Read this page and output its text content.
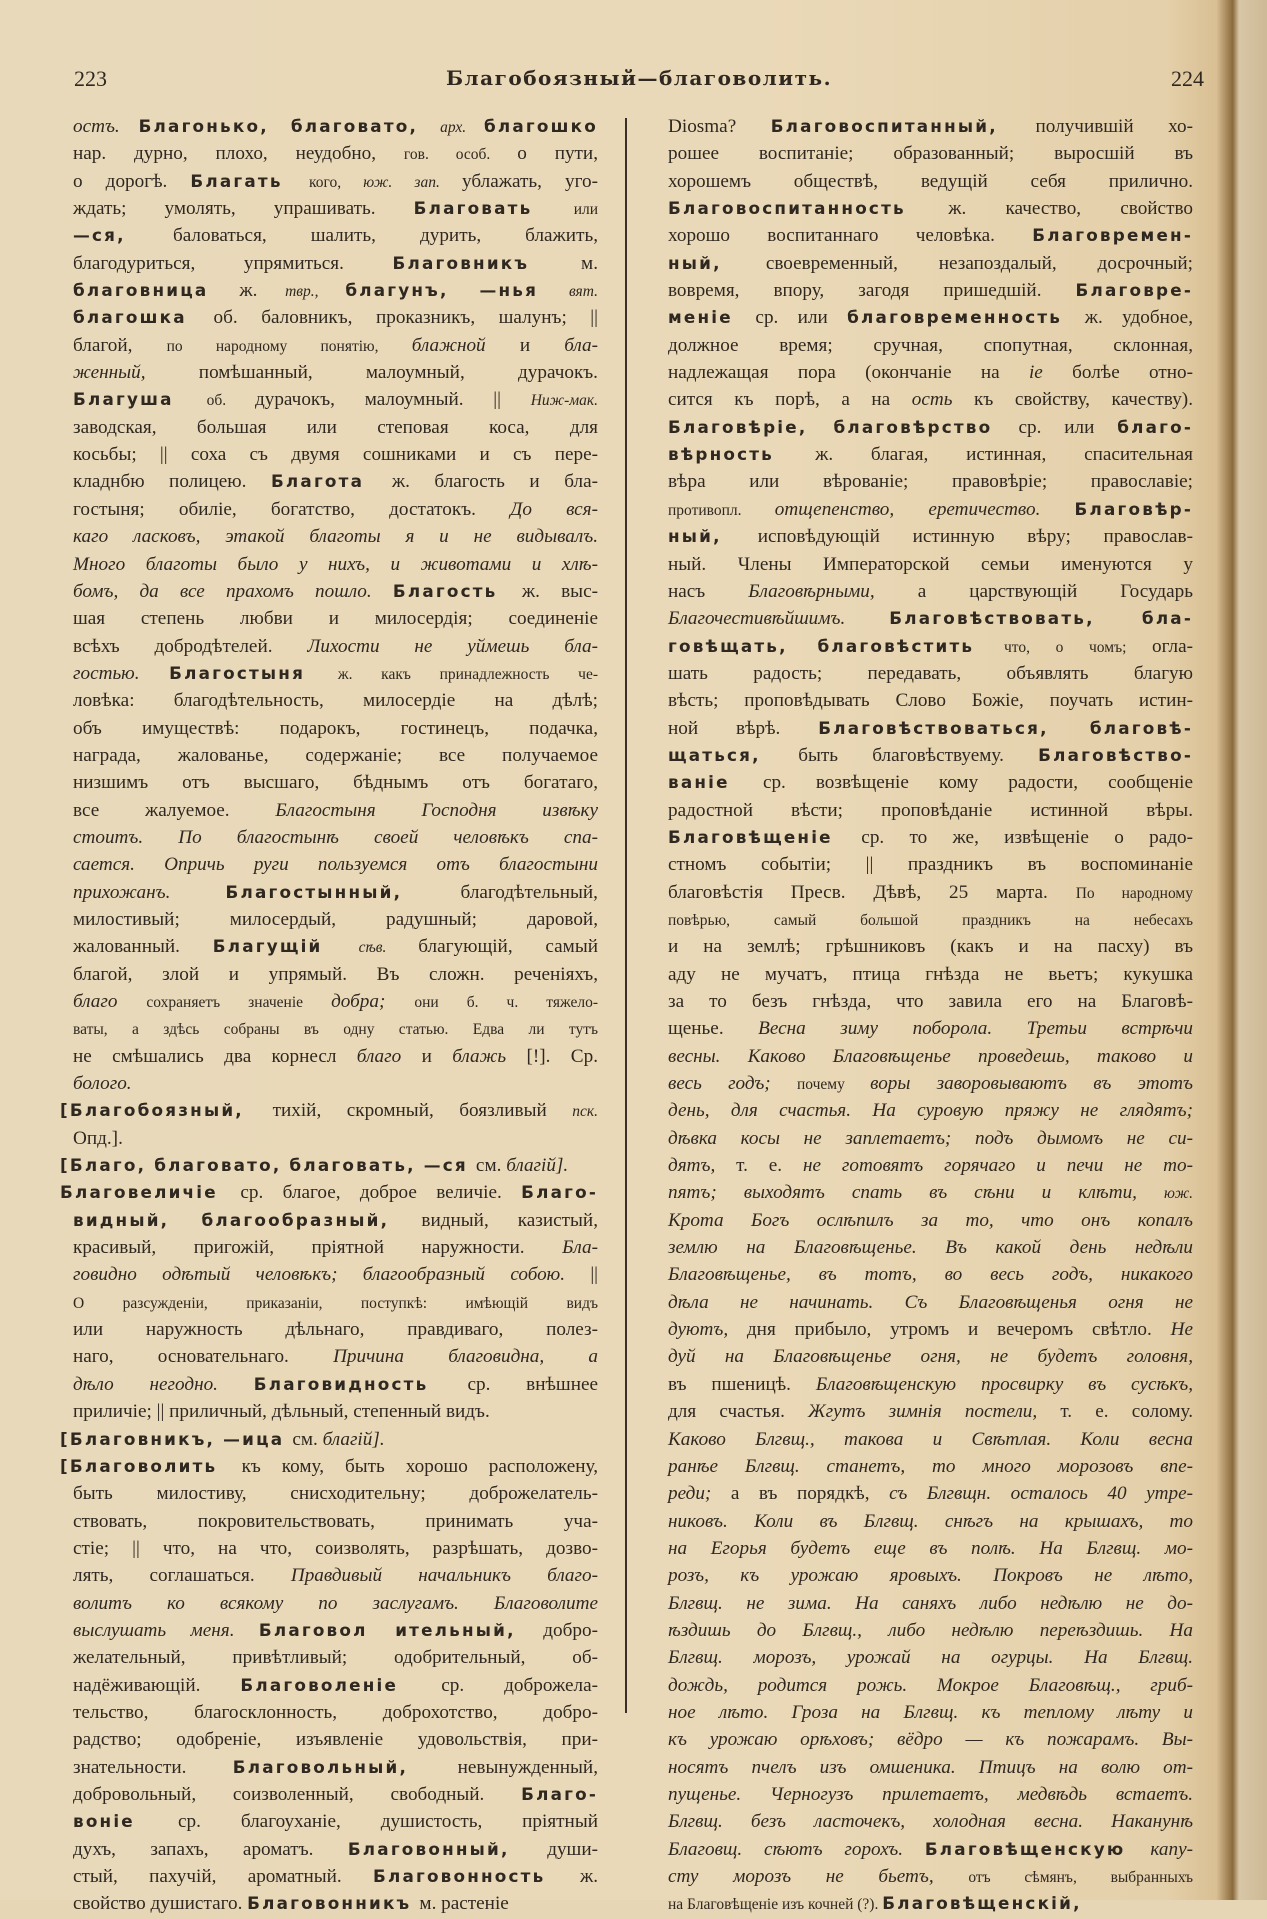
223	Благобоязный—благоволить.	224
остъ. Благонько, благовато, арх. благошко
нар. дурно, плохо, неудобно, гов. особ. о пути,
о дорогѣ. Благать кого, юж. зап. ублажать, уго-
ждать; умолять, упрашивать. Благовать или
—ся, баловаться, шалить, дурить, блажить,
благодуриться, упрямиться. Благовникъ м.
благовница ж. твр., благунъ, —нья вят.
благошка об. баловникъ, проказникъ, шалунъ; ||
благой, по народному понятію, блажной и бла-
женный, помѣшанный, малоумный, дурачокъ.
Благуша об. дурачокъ, малоумный. || Ниж-мак.
заводская, большая или степовая коса, для
косьбы; || соха съ двумя сошниками и съ пере-
кладнбю полицею. Благота ж. благость и бла-
гостыня; обиліе, богатство, достатокъ. До вся-
каго ласковъ, этакой благоты я и не видывалъ.
Много благоты было у нихъ, и животами и хлѣ-
бомъ, да все прахомъ пошло. Благость ж. выс-
шая степень любви и милосердія; соединеніе
всѣхъ добродѣтелей. Лихости не уймешь бла-
гостью. Благостыня ж. какъ принадлежность че-
ловѣка: благодѣтельность, милосердіе на дѣлѣ;
объ имуществѣ: подарокъ, гостинецъ, подачка,
награда, жалованье, содержаніе; все получаемое
низшимъ отъ высшаго, бѣднымъ отъ богатаго,
все жалуемое. Благостыня Господня извѣку
стоитъ. По благостынѣ своей человѣкъ спа-
сается. Опричь руги пользуемся отъ благостыни
прихожанъ. Благостынный, благодѣтельный,
милостивый; милосердый, радушный; даровой,
жалованный. Благущій сѣв. благующій, самый
благой, злой и упрямый. Въ сложн. реченіяхъ,
благо сохраняетъ значеніе добра; они б. ч. тяжело-
ваты, а здѣсь собраны въ одну статью. Едва ли тутъ
не смѣшались два корнесл благо и блажь [!]. Ср.
болого.
[Благобоязный, тихій, скромный, боязливый пск.
Опд.].
[Благо, благовато, благовать, —ся см. благій].
Благовеличіе ср. благое, доброе величіе. Благо-
видный, благообразный, видный, казистый,
красивый, пригожій, пріятной наружности. Бла-
говидно одѣтый человѣкъ; благообразный собою. ||
О разсужденіи, приказаніи, поступкѣ: имѣющій видъ
или наружность дѣльнаго, правдиваго, полез-
наго, основательнаго. Причина благовидна, а
дѣло негодно. Благовидность ср. внѣшнее
приличіе; || приличный, дѣльный, степенный видъ.
[Благовникъ, —ица см. благій].
[Благоволить къ кому, быть хорошо расположену,
быть милостиву, снисходительну; доброжелатель-
ствовать, покровительствовать, принимать уча-
стіе; || что, на что, соизволять, разрѣшать, дозво-
лять, соглашаться. Правдивый начальникъ благо-
волитъ ко всякому по заслугамъ. Благоволите
выслушать меня. Благовол ительный, добро-
желательный, привѣтливый; одобрительный, об-
надёживающій. Благоволеніе ср. доброжела-
тельство, благосклонность, доброхотство, добро-
радство; одобреніе, изъявленіе удовольствія, при-
знательности. Благовольный, невынужденный,
добровольный, соизволенный, свободный. Благо-
воніе ср. благоуханіе, душистость, пріятный
духъ, запахъ, ароматъ. Благовонный, души-
стый, пахучій, ароматный. Благовонность ж.
свойство душистаго. Благовонникъ м. растеніе
Diosma? Благовоспитанный, получившій хо-
рошее воспитаніе; образованный; выросшій въ
хорошемъ обществѣ, ведущій себя прилично.
Благовоспитанность ж. качество, свойство
хорошо воспитаннаго человѣка. Благовремен-
ный, своевременный, незапоздалый, досрочный;
вовремя, впору, загодя пришедшій. Благовре-
меніе ср. или благовременность ж. удобное,
должное время; сручная, спопутная, склонная,
надлежащая пора (окончаніе на іе болѣе отно-
сится къ порѣ, а на ость къ свойству, качеству).
Благовѣріе, благовѣрство ср. или благо-
вѣрность ж. благая, истинная, спасительная
вѣра или вѣрованіе; правовѣріе; православіе;
противопл. отщепенство, еретичество. Благовѣр-
ный, исповѣдующій истинную вѣру; православ-
ный. Члены Императорской семьи именуются у
насъ Благовѣрными, а царствующій Государь
Благочестивѣйшимъ. Благовѣствовать, бла-
говѣщать, благовѣстить что, о чомъ; огла-
шать радость; передавать, объявлять благую
вѣсть; проповѣдывать Слово Божіе, поучать истин-
ной вѣрѣ. Благовѣствоваться, благовѣ-
щаться, быть благовѣствуему. Благовѣство-
ваніе ср. возвѣщеніе кому радости, сообщеніе
радостной вѣсти; проповѣданіе истинной вѣры.
Благовѣщеніе ср. то же, извѣщеніе о радо-
стномъ событіи; || праздникъ въ воспоминаніе
благовѣстія Пресв. Дѣвѣ, 25 марта. По народному
повѣрью, самый большой праздникъ на небесахъ
и на землѣ; грѣшниковъ (какъ и на пасху) въ
аду не мучатъ, птица гнѣзда не вьетъ; кукушка
за то безъ гнѣзда, что завила его на Благовѣ-
щенье. Весна зиму поборола. Третьи встрѣчи
весны. Каково Благовѣщенье проведешь, таково и
весь годъ; почему воры заворовываютъ въ этотъ
день, для счастья. На суровую пряжу не глядятъ;
дѣвка косы не заплетаетъ; подъ дымомъ не си-
дятъ, т. е. не готовятъ горячаго и печи не то-
пятъ; выходятъ спать въ сѣни и клѣти, юж.
Крота Богъ ослѣпилъ за то, что онъ копалъ
землю на Благовѣщенье. Въ какой день недѣли
Благовѣщенье, въ тотъ, во весь годъ, никакого
дѣла не начинать. Съ Благовѣщенья огня не
дуютъ, дня прибыло, утромъ и вечеромъ свѣтло. Не
дуй на Благовѣщенье огня, не будетъ головня,
въ пшеницѣ. Благовѣщенскую просвирку въ сусѣкъ,
для счастья. Жгутъ зимнія постели, т. е. солому.
Каково Блгвщ., такова и Свѣтлая. Коли весна
ранѣе Блгвщ. станетъ, то много морозовъ впе-
реди; а въ порядкѣ, съ Блгвщн. осталось 40 утре-
никовъ. Коли въ Блгвщ. снѣгъ на крышахъ, то
на Егорья будетъ еще въ полѣ. На Блгвщ. мо-
розъ, къ урожаю яровыхъ. Покровъ не лѣто,
Блгвщ. не зима. На саняхъ либо недѣлю не до-
ѣздишь до Блгвщ., либо недѣлю переѣздишь. На
Блгвщ. морозъ, урожай на огурцы. На Блгвщ.
дождь, родится рожь. Мокрое Благовѣщ., гриб-
ное лѣто. Гроза на Блгвщ. къ теплому лѣту и
къ урожаю орѣховъ; вёдро — къ пожарамъ. Вы-
носятъ пчелъ изъ омшеника. Птицъ на волю от-
пущенье. Черногузъ прилетаетъ, медвѣдь встаетъ.
Блгвщ. безъ ласточекъ, холодная весна. Наканунѣ
Благовщ. сѣютъ горохъ. Благовѣщенскую капу-
сту морозъ не бьетъ, отъ сѣмянъ, выбранныхъ
на Благовѣщеніе изъ кочней (?). Благовѣщенскій,
